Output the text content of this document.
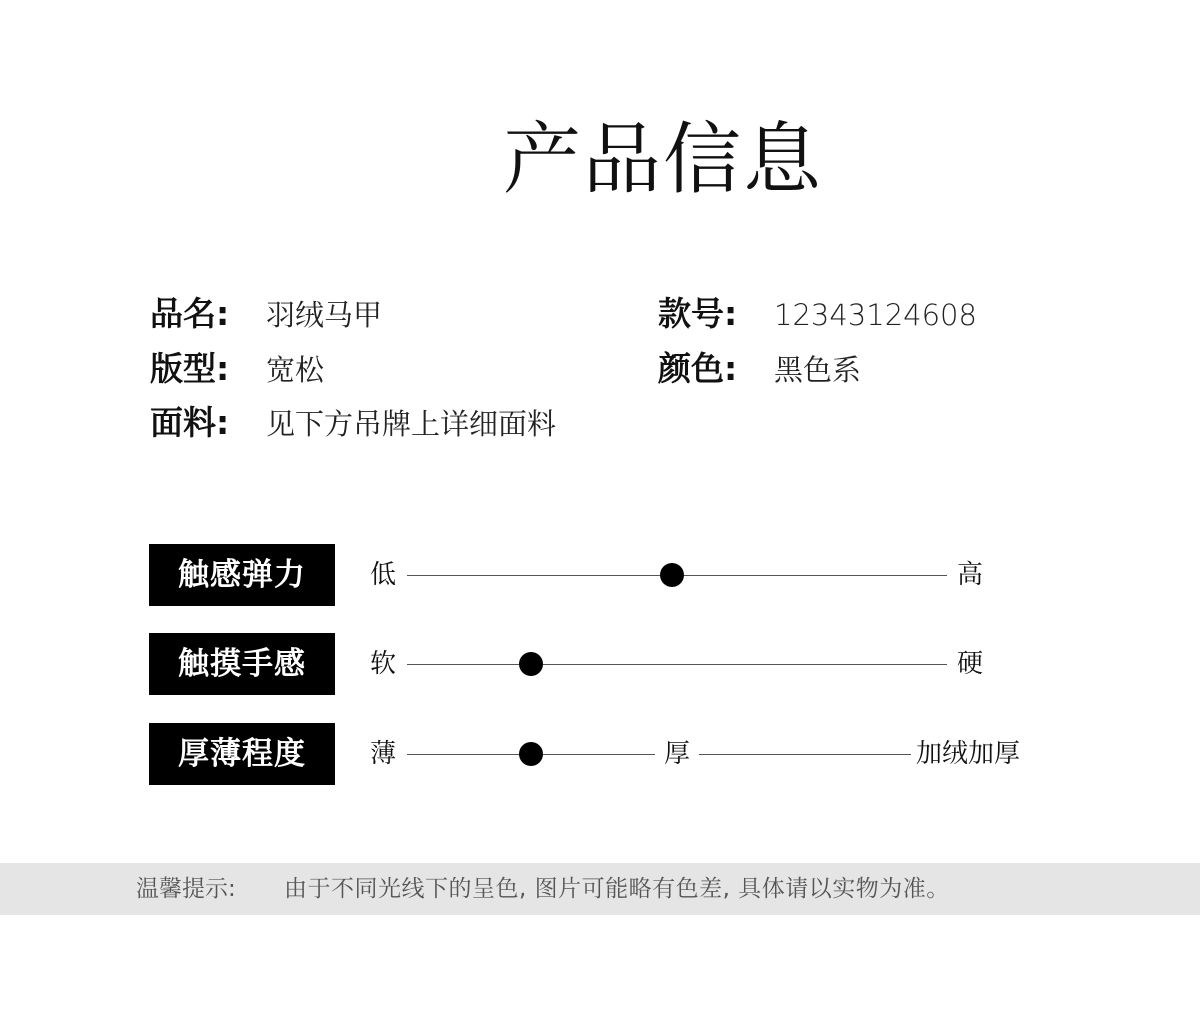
产品信息
品名: 羽绒马甲	款号: 12343124608
版型: 宽松	颜色: 黑色系
面料: 见下方吊牌上详细面料
触感弹力	低	高
触摸手感	软	硬
厚薄程度	薄	厚	加绒加厚
温馨提示: 由于不同光线下的呈色, 图片可能略有色差, 具体请以实物为准。
